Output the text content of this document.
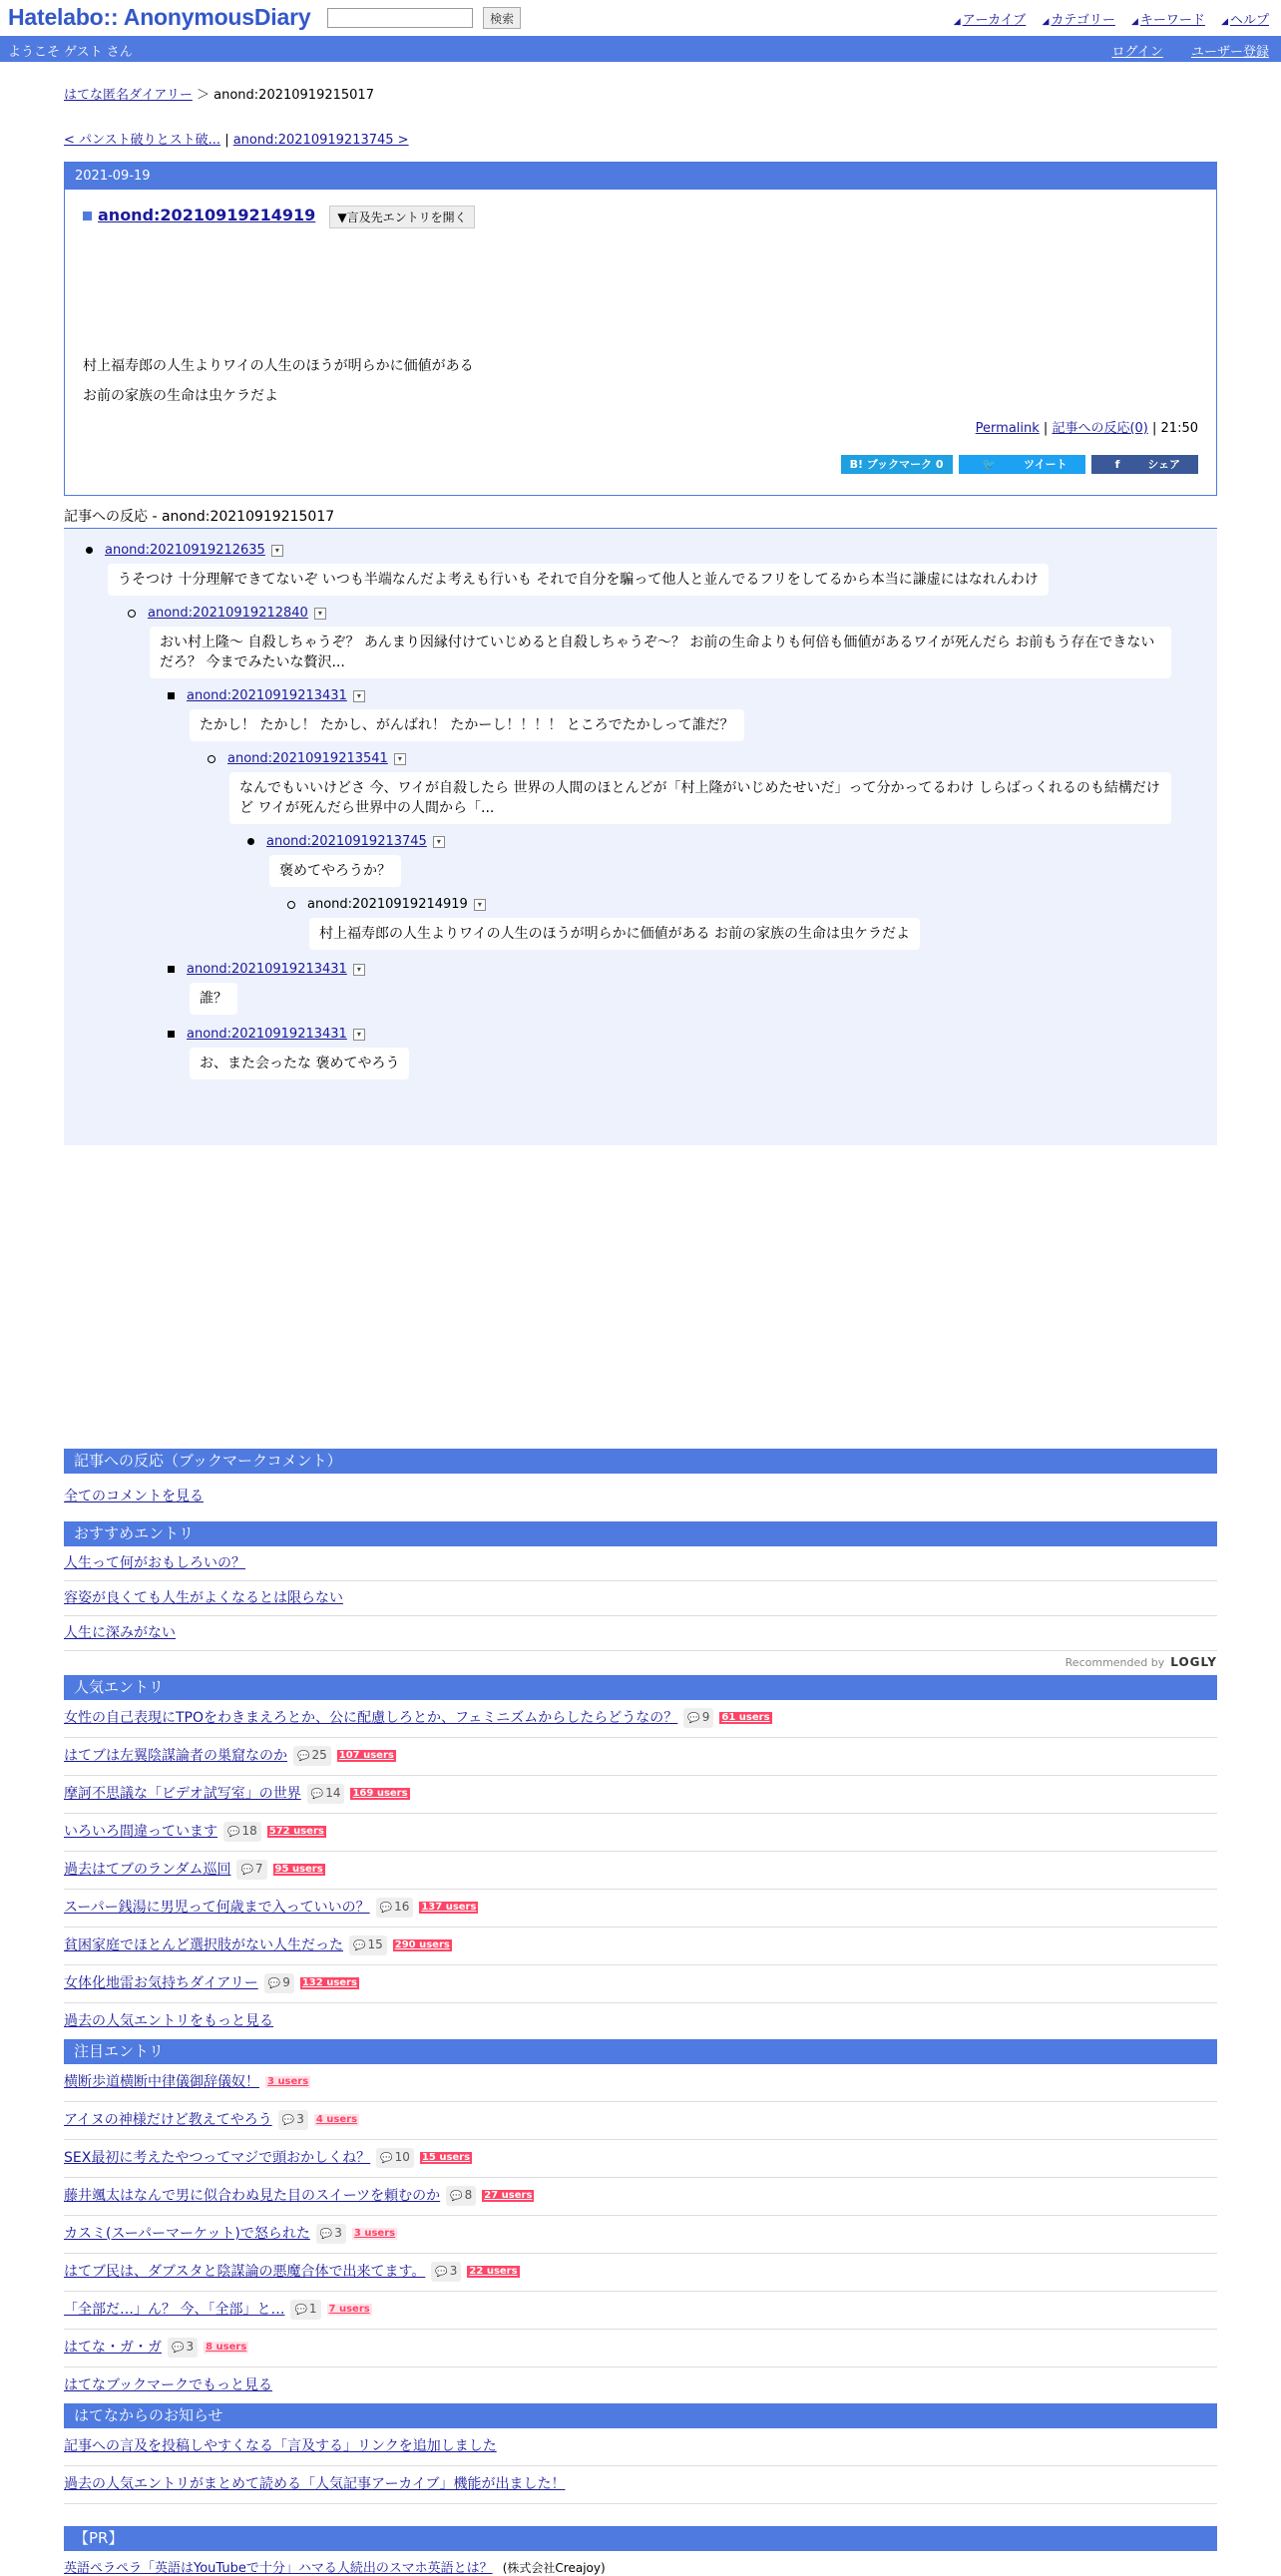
Hatelabo:: AnonymousDiary	検索	◢ アーカイブ ◢ カテゴリー ◢ キーワード ◢ ヘルプ
ようこそ ゲスト さん	ログイン ユーザー登録
はてな匿名ダイアリー ＞ anond:20210919215017
< パンスト破りとスト破... | anond:20210919213745 >
2021-09-19
anond:20210919214919 ▼言及先エントリを開く
村上福寿郎の人生よりワイの人生のほうが明らかに価値がある
お前の家族の生命は虫ケラだよ
Permalink | 記事への反応(0) | 21:50
B! ブックマーク 0	🐦	ツイート	f	シェア
記事への反応 - anond:20210919215017
anond:20210919212635 ▾
うそつけ 十分理解できてないぞ いつも半端なんだよ考えも行いも それで自分を騙って他人と並んでるフリをしてるから本当に謙虚にはなれんわけ
anond:20210919212840 ▾
おい村上隆〜 自殺しちゃうぞ？ あんまり因縁付けていじめると自殺しちゃうぞ〜？ お前の生命よりも何倍も価値があるワイが死んだら お前もう存在できないだろ？ 今までみたいな贅沢...
anond:20210919213431 ▾
たかし！ たかし！ たかし、がんばれ！ たかーし！！！！ ところでたかしって誰だ？
anond:20210919213541 ▾
なんでもいいけどさ 今、ワイが自殺したら 世界の人間のほとんどが「村上隆がいじめたせいだ」って分かってるわけ しらばっくれるのも結構だけど ワイが死んだら世界中の人間から「...
anond:20210919213745 ▾
褒めてやろうか？
anond:20210919214919 ▾
村上福寿郎の人生よりワイの人生のほうが明らかに価値がある お前の家族の生命は虫ケラだよ
anond:20210919213431 ▾
誰？
anond:20210919213431 ▾
お、また会ったな 褒めてやろう
記事への反応（ブックマークコメント）
全てのコメントを見る
おすすめエントリ
人生って何がおもしろいの？
容姿が良くても人生がよくなるとは限らない
人生に深みがない
Recommended by LOGLY
人気エントリ
女性の自己表現にTPOをわきまえろとか、公に配慮しろとか、フェミニズムからしたらどうなの？ 💬 9 61 users
はてブは左翼陰謀論者の巣窟なのか 💬 25 107 users
摩訶不思議な「ビデオ試写室」の世界 💬 14 169 users
いろいろ間違っています 💬 18 572 users
過去はてブのランダム巡回 💬 7 95 users
スーパー銭湯に男児って何歳まで入っていいの？ 💬 16 137 users
貧困家庭でほとんど選択肢がない人生だった 💬 15 290 users
女体化地雷お気持ちダイアリー 💬 9 132 users
過去の人気エントリをもっと見る
注目エントリ
横断歩道横断中律儀御辞儀奴！ 3 users
アイヌの神様だけど教えてやろう 💬 3 4 users
SEX最初に考えたやつってマジで頭おかしくね？ 💬 10 15 users
藤井颯太はなんで男に似合わぬ見た目のスイーツを頼むのか 💬 8 27 users
カスミ(スーパーマーケット)で怒られた 💬 3 3 users
はてブ民は、ダブスタと陰謀論の悪魔合体で出来てます。 💬 3 22 users
「全部だ…」ん？ 今、「全部」と… 💬 1 7 users
はてな・ガ・ガ 💬 3 8 users
はてなブックマークでもっと見る
はてなからのお知らせ
記事への言及を投稿しやすくなる「言及する」リンクを追加しました
過去の人気エントリがまとめて読める「人気記事アーカイブ」機能が出ました！
【PR】
英語ペラペラ「英語はYouTubeで十分」ハマる人続出のスマホ英語とは？ (株式会社Creajoy)
